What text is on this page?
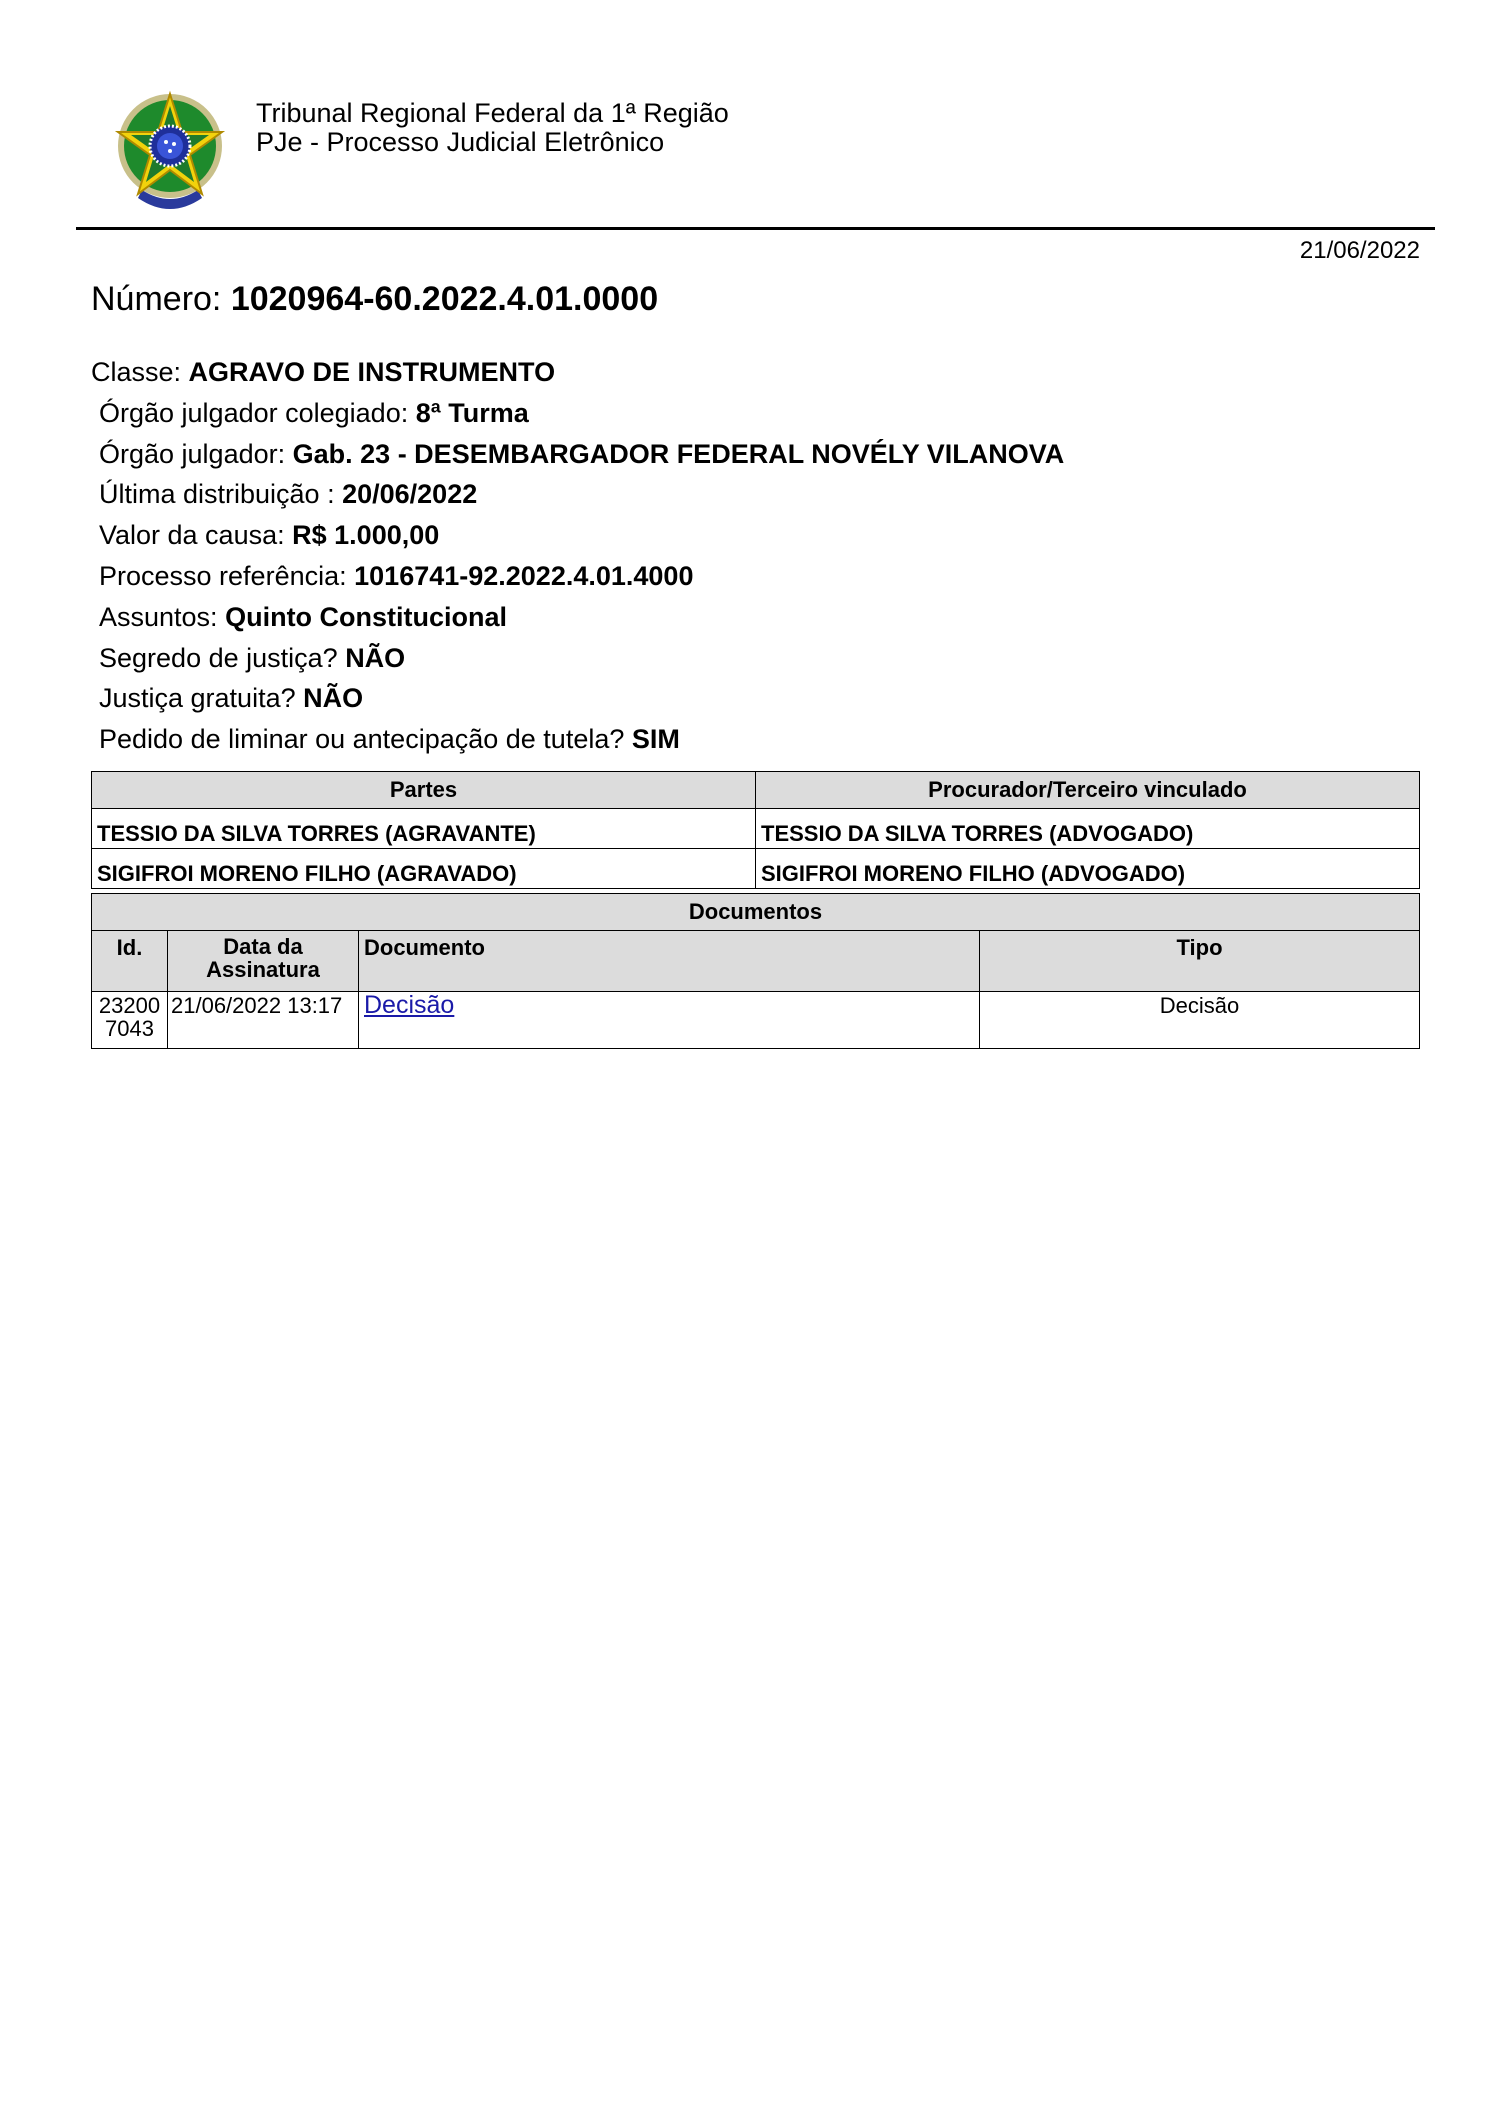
Tribunal Regional Federal da 1ª Região
PJe - Processo Judicial Eletrônico
21/06/2022
Número: 1020964-60.2022.4.01.0000
Classe: AGRAVO DE INSTRUMENTO
Órgão julgador colegiado: 8ª Turma
Órgão julgador: Gab. 23 - DESEMBARGADOR FEDERAL NOVÉLY VILANOVA
Última distribuição : 20/06/2022
Valor da causa: R$ 1.000,00
Processo referência: 1016741-92.2022.4.01.4000
Assuntos: Quinto Constitucional
Segredo de justiça? NÃO
Justiça gratuita? NÃO
Pedido de liminar ou antecipação de tutela? SIM
Partes	Procurador/Terceiro vinculado
TESSIO DA SILVA TORRES (AGRAVANTE)	TESSIO DA SILVA TORRES (ADVOGADO)
SIGIFROI MORENO FILHO (AGRAVADO)	SIGIFROI MORENO FILHO (ADVOGADO)
Documentos			
Id.	Data da Assinatura	Documento	Tipo

23200
7043	21/06/2022 13:17	Decisão	Decisão
